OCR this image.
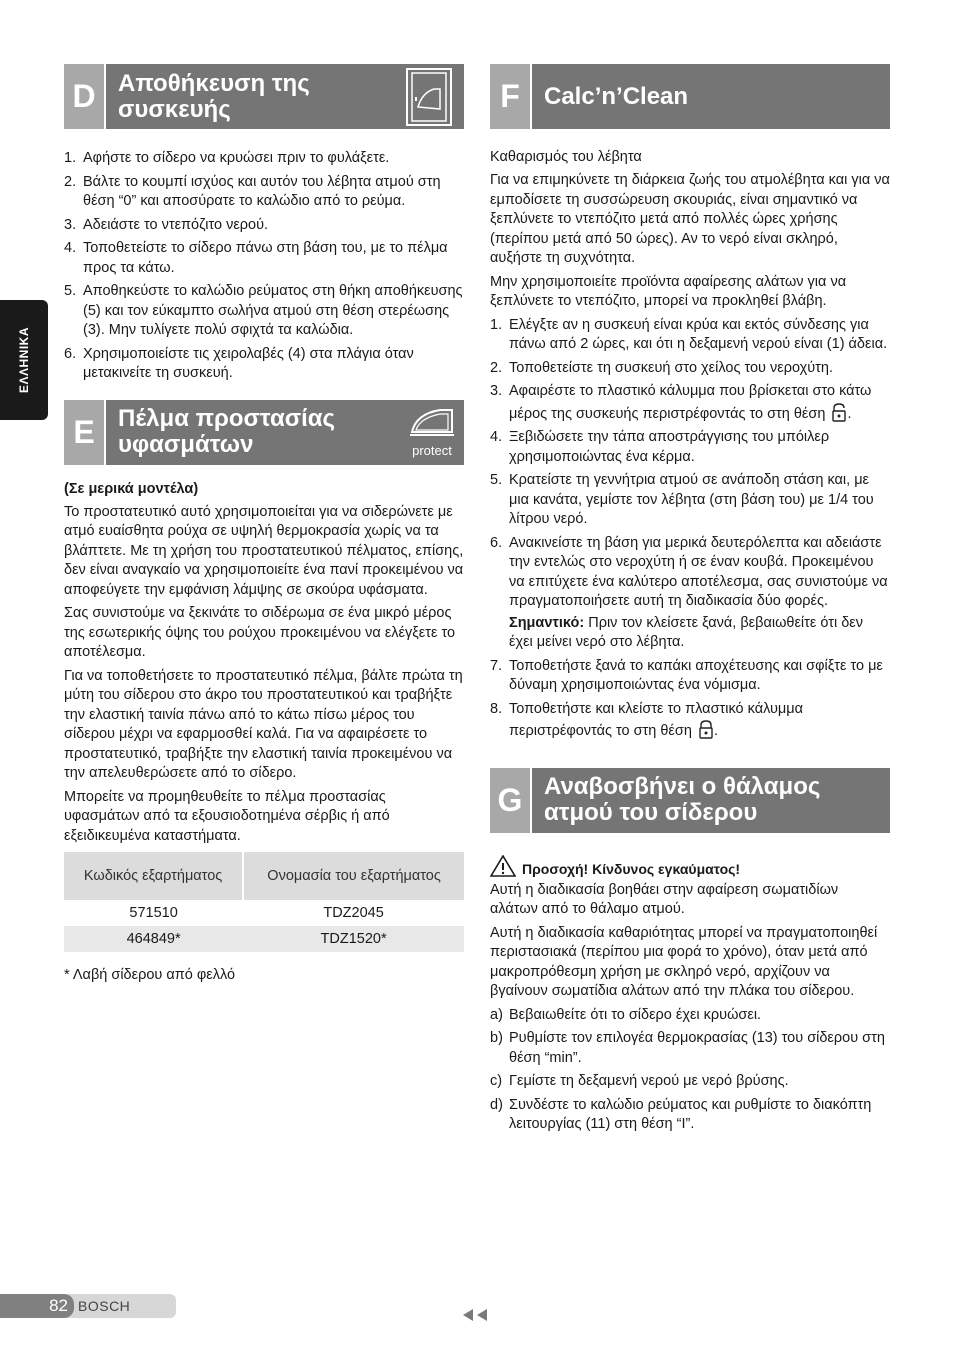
ΕΛΛΗΝΙΚΑ
D Αποθήκευση της
συσκευής
1. Αφήστε το σίδερο να κρυώσει πριν το φυλάξετε.
2. Βάλτε το κουμπί ισχύος και αυτόν του λέβητα ατμού στη θέση “0” και αποσύρατε το καλώδιο από το ρεύμα.
3. Αδειάστε το ντεπόζιτο νερού.
4. Τοποθετείστε το σίδερο πάνω στη βάση του, με το πέλμα προς τα κάτω.
5. Αποθηκεύστε το καλώδιο ρεύματος στη θήκη αποθήκευσης (5) και τον εύκαμπτο σωλήνα ατμού στη θέση στερέωσης (3). Μην τυλίγετε πολύ σφιχτά τα καλώδια.
6. Χρησιμοποιείστε τις χειρολαβές (4) στα πλάγια όταν μετακινείτε τη συσκευή.
E Πέλμα προστασίας
υφασμάτων	protect
(Σε μερικά μοντέλα)
Το προστατευτικό αυτό χρησιμοποιείται για να σιδερώνετε με ατμό ευαίσθητα ρούχα σε υψηλή θερμοκρασία χωρίς να τα βλάπτετε. Με τη χρήση του προστατευτικού πέλματος, επίσης, δεν είναι αναγκαίο να χρησιμοποιείτε ένα πανί προκειμένου να αποφεύγετε την εμφάνιση λάμψης σε σκούρα υφάσματα.
Σας συνιστούμε να ξεκινάτε το σιδέρωμα σε ένα μικρό μέρος της εσωτερικής όψης του ρούχου προκειμένου να ελέγξετε το αποτέλεσμα.
Για να τοποθετήσετε το προστατευτικό πέλμα, βάλτε πρώτα τη μύτη του σίδερου στο άκρο του προστατευτικού και τραβήξτε την ελαστική ταινία πάνω από το κάτω πίσω μέρος του σίδερου μέχρι να εφαρμοσθεί καλά. Για να αφαιρέσετε το προστατευτικό, τραβήξτε την ελαστική ταινία προκειμένου να την απελευθερώσετε από το σίδερο.
Μπορείτε να προμηθευθείτε το πέλμα προστασίας υφασμάτων από τα εξουσιοδοτημένα σέρβις ή από εξειδικευμένα καταστήματα.
Κωδικός εξαρτήματος	Ονομασία του εξαρτήματος
571510	TDZ2045
464849*	TDZ1520*
* Λαβή σίδερου από φελλό
F	Calc’n’Clean
Καθαρισμός του λέβητα
Για να επιμηκύνετε τη διάρκεια ζωής του ατμολέβητα και για να εμποδίσετε τη συσσώρευση σκουριάς, είναι σημαντικό να ξεπλύνετε το ντεπόζιτο μετά από πολλές ώρες χρήσης (περίπου μετά από 50 ώρες). Αν το νερό είναι σκληρό, αυξήστε τη συχνότητα.
Μην χρησιμοποιείτε προϊόντα αφαίρεσης αλάτων για να ξεπλύνετε το ντεπόζιτο, μπορεί να προκληθεί βλάβη.
1. Ελέγξτε αν η συσκευή είναι κρύα και εκτός σύνδεσης για πάνω από 2 ώρες, και ότι η δεξαμενή νερού είναι (1) άδεια.
2. Τοποθετείστε τη συσκευή στο χείλος του νεροχύτη.
3. Αφαιρέστε το πλαστικό κάλυμμα που βρίσκεται στο κάτω μέρος της συσκευής περιστρέφοντάς το στη θέση .
4. Ξεβιδώσετε την τάπα αποστράγγισης του μπόιλερ χρησιμοποιώντας ένα κέρμα.
5. Κρατείστε τη γεννήτρια ατμού σε ανάποδη στάση και, με μια κανάτα, γεμίστε τον λέβητα (στη βάση του) με 1/4 του λίτρου νερό.
6. Ανακινείστε τη βάση για μερικά δευτερόλεπτα και αδειάστε την εντελώς στο νεροχύτη ή σε έναν κουβά. Προκειμένου να επιτύχετε ένα καλύτερο αποτέλεσμα, σας συνιστούμε να πραγματοποιήσετε αυτή τη διαδικασία δύο φορές.
Σημαντικό: Πριν τον κλείσετε ξανά, βεβαιωθείτε ότι δεν έχει μείνει νερό στο λέβητα.
7. Τοποθετήστε ξανά το καπάκι αποχέτευσης και σφίξτε το με δύναμη χρησιμοποιώντας ένα νόμισμα.
8. Τοποθετήστε και κλείστε το πλαστικό κάλυμμα περιστρέφοντάς το στη θέση .
G Αναβοσβήνει ο θάλαμος
ατμού του σίδερου
Προσοχή! Κίνδυνος εγκαύματος!
Αυτή η διαδικασία βοηθάει στην αφαίρεση σωματιδίων αλάτων από το θάλαμο ατμού.
Αυτή η διαδικασία καθαριότητας μπορεί να πραγματοποιηθεί περιστασιακά (περίπου μια φορά το χρόνο), όταν μετά από μακροπρόθεσμη χρήση με σκληρό νερό, αρχίζουν να βγαίνουν σωματίδια αλάτων από την πλάκα του σίδερου.
a) Βεβαιωθείτε ότι το σίδερο έχει κρυώσει.
b) Ρυθμίστε τον επιλογέα θερμοκρασίας (13) του σίδερου στη θέση “min”.
c) Γεμίστε τη δεξαμενή νερού με νερό βρύσης.
d) Συνδέστε το καλώδιο ρεύματος και ρυθμίστε το διακόπτη λειτουργίας (11) στη θέση “I”.
82 BOSCH
